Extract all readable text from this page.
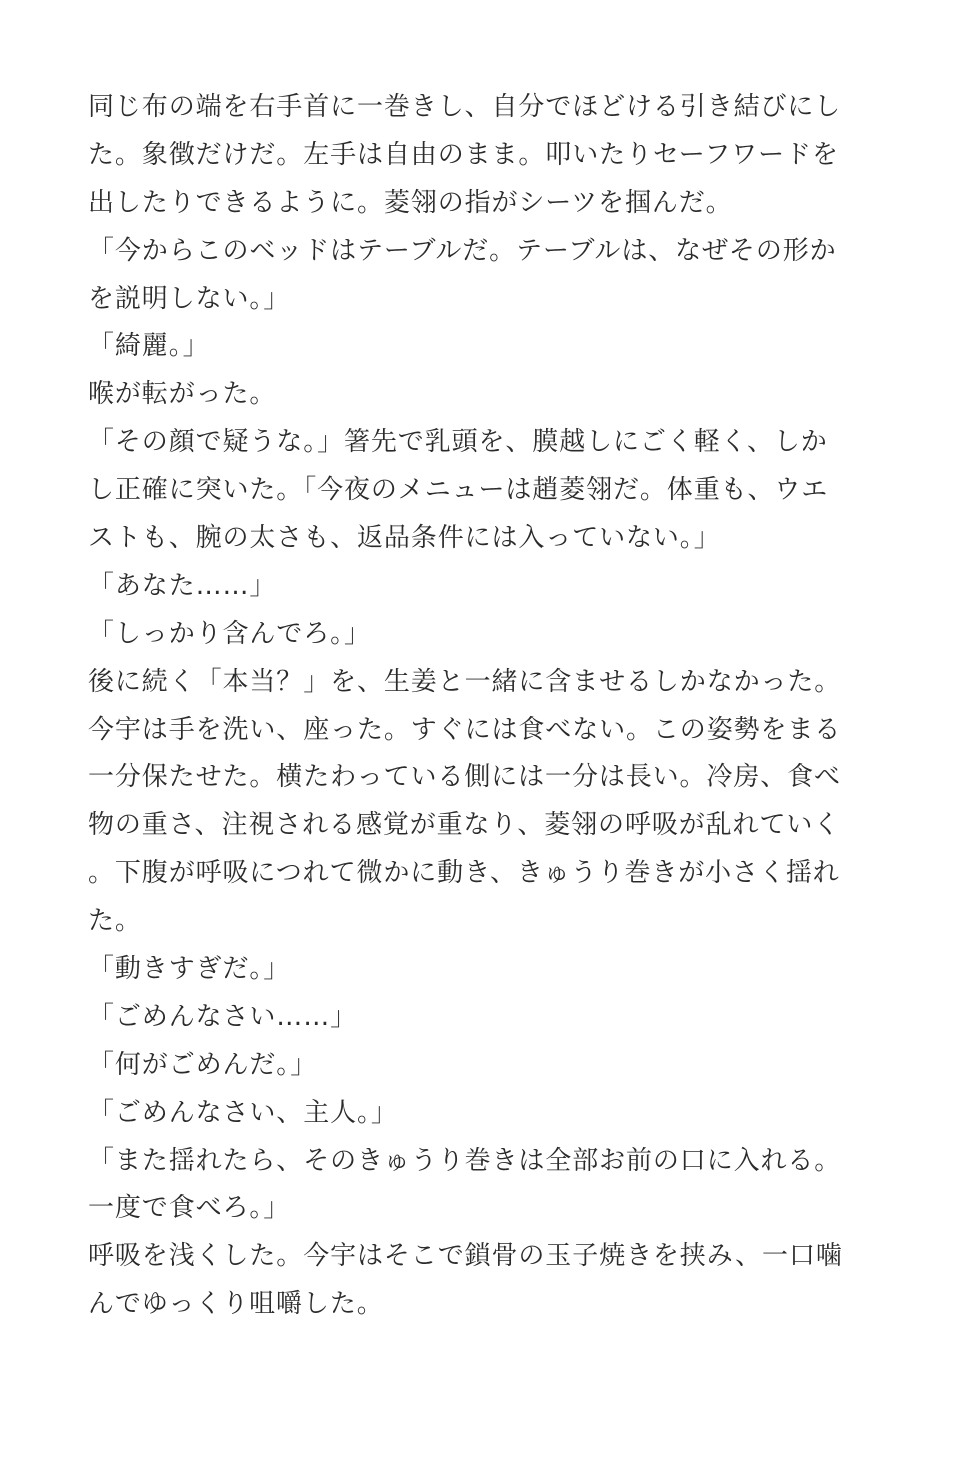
同じ布の端を右手首に一巻きし、自分でほどける引き結びにし
た。象徴だけだ。左手は自由のまま。叩いたりセーフワードを
出したりできるように。菱翎の指がシーツを掴んだ。
「今からこのベッドはテーブルだ。テーブルは、なぜその形か
を説明しない。」
「綺麗。」
喉が転がった。
「その顔で疑うな。」箸先で乳頭を、膜越しにごく軽く、しか
し正確に突いた。「今夜のメニューは趙菱翎だ。体重も、ウエ
ストも、腕の太さも、返品条件には入っていない。」
「あなた……」
「しっかり含んでろ。」
後に続く「本当？」を、生姜と一緒に含ませるしかなかった。
今宇は手を洗い、座った。すぐには食べない。この姿勢をまる
一分保たせた。横たわっている側には一分は長い。冷房、食べ
物の重さ、注視される感覚が重なり、菱翎の呼吸が乱れていく
。下腹が呼吸につれて微かに動き、きゅうり巻きが小さく揺れ
た。
「動きすぎだ。」
「ごめんなさい……」
「何がごめんだ。」
「ごめんなさい、主人。」
「また揺れたら、そのきゅうり巻きは全部お前の口に入れる。
一度で食べろ。」
呼吸を浅くした。今宇はそこで鎖骨の玉子焼きを挟み、一口噛
んでゆっくり咀嚼した。
